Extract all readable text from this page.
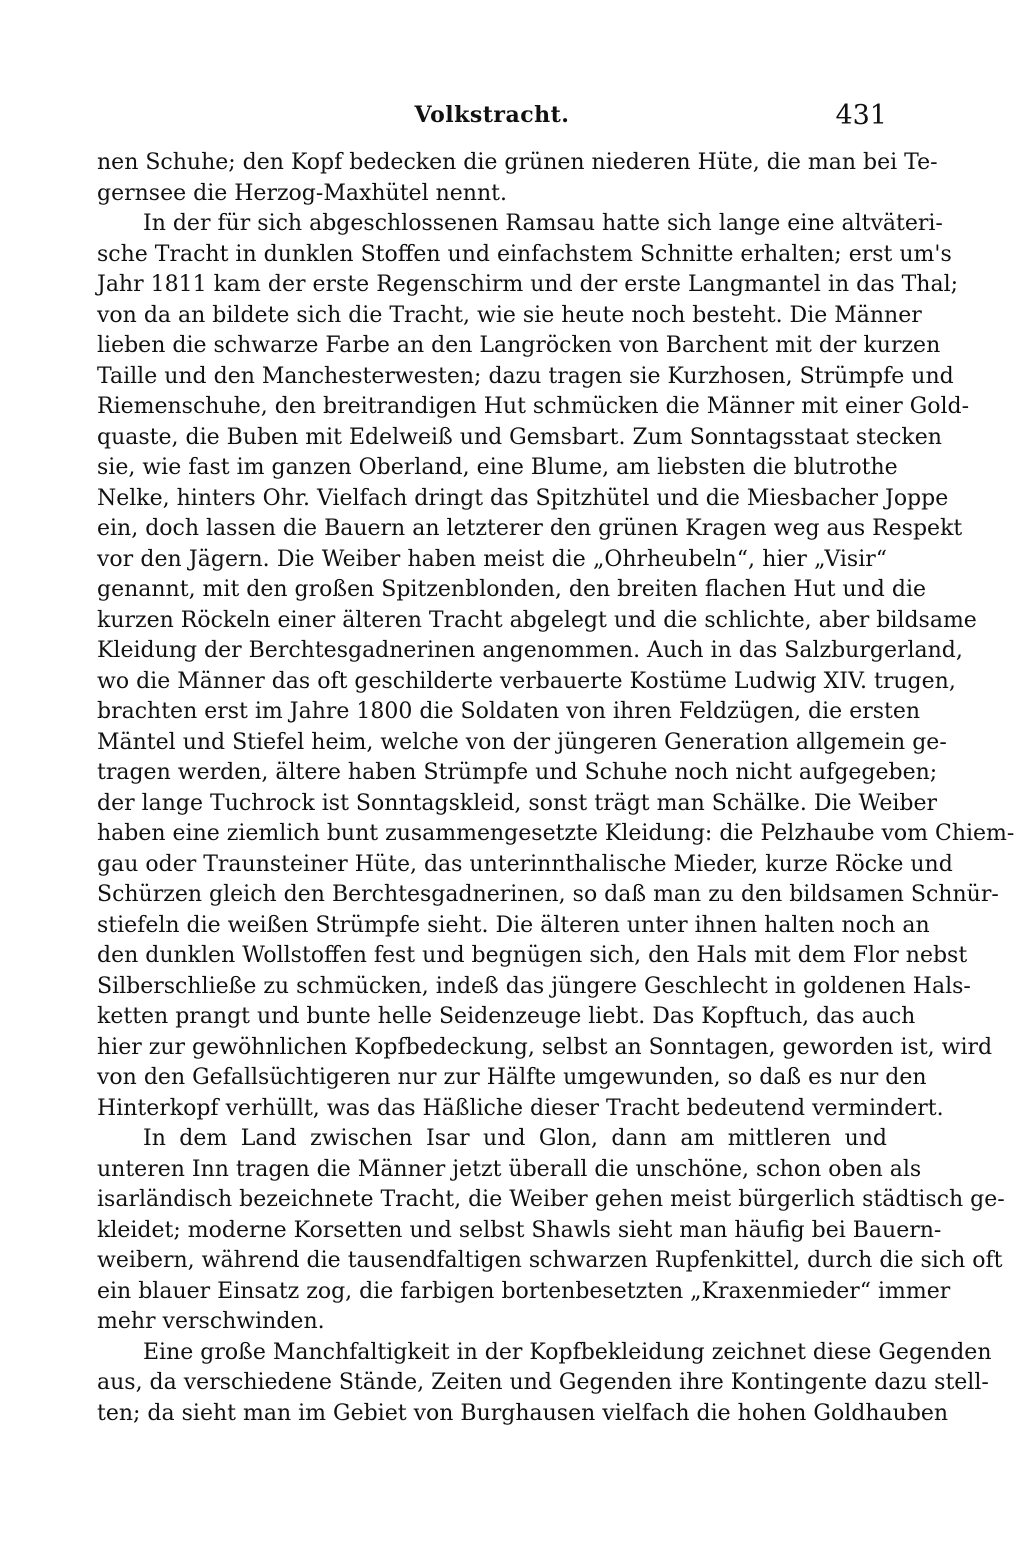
Volkstracht.	431
nen Schuhe; den Kopf bedecken die grünen niederen Hüte, die man bei Te-
gernsee die Herzog-Maxhütel nennt.
In der für sich abgeschlossenen Ramsau hatte sich lange eine altväteri-
sche Tracht in dunklen Stoffen und einfachstem Schnitte erhalten; erst um's
Jahr 1811 kam der erste Regenschirm und der erste Langmantel in das Thal;
von da an bildete sich die Tracht, wie sie heute noch besteht. Die Männer
lieben die schwarze Farbe an den Langröcken von Barchent mit der kurzen
Taille und den Manchesterwesten; dazu tragen sie Kurzhosen, Strümpfe und
Riemenschuhe, den breitrandigen Hut schmücken die Männer mit einer Gold-
quaste, die Buben mit Edelweiß und Gemsbart. Zum Sonntagsstaat stecken
sie, wie fast im ganzen Oberland, eine Blume, am liebsten die blutrothe
Nelke, hinters Ohr. Vielfach dringt das Spitzhütel und die Miesbacher Joppe
ein, doch lassen die Bauern an letzterer den grünen Kragen weg aus Respekt
vor den Jägern. Die Weiber haben meist die „Ohrheubeln“, hier „Visir“
genannt, mit den großen Spitzenblonden, den breiten flachen Hut und die
kurzen Röckeln einer älteren Tracht abgelegt und die schlichte, aber bildsame
Kleidung der Berchtesgadnerinen angenommen. Auch in das Salzburgerland,
wo die Männer das oft geschilderte verbauerte Kostüme Ludwig XIV. trugen,
brachten erst im Jahre 1800 die Soldaten von ihren Feldzügen, die ersten
Mäntel und Stiefel heim, welche von der jüngeren Generation allgemein ge-
tragen werden, ältere haben Strümpfe und Schuhe noch nicht aufgegeben;
der lange Tuchrock ist Sonntagskleid, sonst trägt man Schälke. Die Weiber
haben eine ziemlich bunt zusammengesetzte Kleidung: die Pelzhaube vom Chiem-
gau oder Traunsteiner Hüte, das unterinnthalische Mieder, kurze Röcke und
Schürzen gleich den Berchtesgadnerinen, so daß man zu den bildsamen Schnür-
stiefeln die weißen Strümpfe sieht. Die älteren unter ihnen halten noch an
den dunklen Wollstoffen fest und begnügen sich, den Hals mit dem Flor nebst
Silberschließe zu schmücken, indeß das jüngere Geschlecht in goldenen Hals-
ketten prangt und bunte helle Seidenzeuge liebt. Das Kopftuch, das auch
hier zur gewöhnlichen Kopfbedeckung, selbst an Sonntagen, geworden ist, wird
von den Gefallsüchtigeren nur zur Hälfte umgewunden, so daß es nur den
Hinterkopf verhüllt, was das Häßliche dieser Tracht bedeutend vermindert.
In dem Land zwischen Isar und Glon, dann am mittleren und
unteren Inn tragen die Männer jetzt überall die unschöne, schon oben als
isarländisch bezeichnete Tracht, die Weiber gehen meist bürgerlich städtisch ge-
kleidet; moderne Korsetten und selbst Shawls sieht man häufig bei Bauern-
weibern, während die tausendfaltigen schwarzen Rupfenkittel, durch die sich oft
ein blauer Einsatz zog, die farbigen bortenbesetzten „Kraxenmieder“ immer
mehr verschwinden.
Eine große Manchfaltigkeit in der Kopfbekleidung zeichnet diese Gegenden
aus, da verschiedene Stände, Zeiten und Gegenden ihre Kontingente dazu stell-
ten; da sieht man im Gebiet von Burghausen vielfach die hohen Goldhauben
